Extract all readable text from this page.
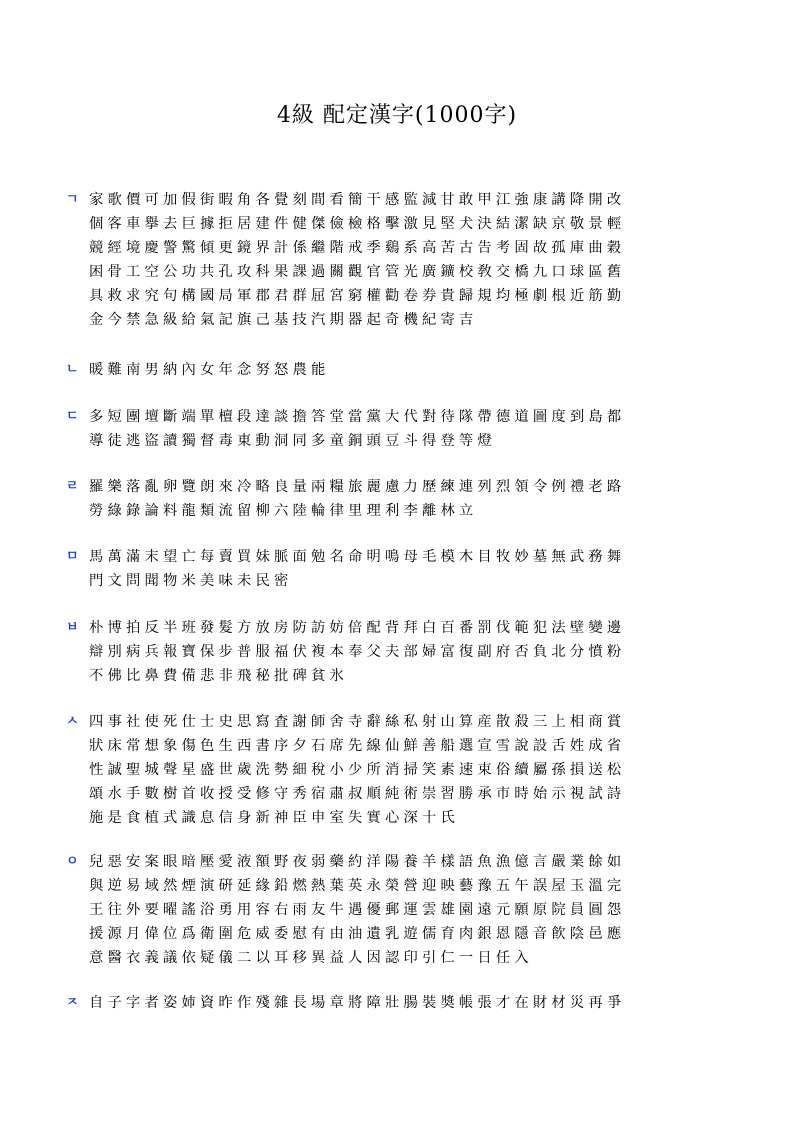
4級 配定漢字(1000字)
ㄱ 家歌價可加假街暇角各覺刻間看簡干感監減甘敢甲江強康講降開改
個客車擧去巨據拒居建件健傑儉檢格擊激見堅犬決結潔缺京敬景輕
競經境慶警驚傾更鏡界計係繼階戒季鷄系高苦古告考固故孤庫曲穀
困骨工空公功共孔攻科果課過關觀官管光廣鑛校敎交橋九口球區舊
具救求究句構國局軍郡君群屈宮窮權勸卷券貴歸規均極劇根近筋勤
金今禁急級給氣記旗己基技汽期器起奇機紀寄吉
ㄴ 暖難南男納內女年念努怒農能
ㄷ 多短團壇斷端單檀段達談擔答堂當黨大代對待隊帶德道圖度到島都
導徒逃盜讀獨督毒東動洞同多童銅頭豆斗得登等燈
ㄹ 羅樂落亂卵覽朗來冷略良量兩糧旅麗慮力歷練連列烈領令例禮老路
勞綠錄論料龍類流留柳六陸輪律里理利李離林立
ㅁ 馬萬滿末望亡每賣買妹脈面勉名命明鳴母毛模木目牧妙墓無武務舞
門文問聞物米美味未民密
ㅂ 朴博拍反半班發髮方放房防訪妨倍配背拜白百番罰伐範犯法壁變邊
辯別病兵報寶保步普服福伏複本奉父夫部婦富復副府否負北分憤粉
不佛比鼻費備悲非飛秘批碑貧氷
ㅅ 四事社使死仕士史思寫査謝師舍寺辭絲私射山算産散殺三上相商賞
狀床常想象傷色生西書序夕石席先線仙鮮善船選宣雪說設舌姓成省
性誠聖城聲星盛世歲洗勢細稅小少所消掃笑素速束俗續屬孫損送松
頌水手數樹首收授受修守秀宿肅叔順純術崇習勝承市時始示視試詩
施是食植式識息信身新神臣申室失實心深十氏
ㅇ 兒惡安案眼暗壓愛液額野夜弱藥約洋陽養羊樣語魚漁億言嚴業餘如
與逆易域然煙演硏延緣鉛燃熱葉英永榮營迎映藝豫五午誤屋玉溫完
王往外要曜謠浴勇用容右雨友牛遇優郵運雲雄園遠元願原院員圓怨
援源月偉位爲衛圍危威委慰有由油遺乳遊儒育肉銀恩隱音飮陰邑應
意醫衣義議依疑儀二以耳移異益人因認印引仁一日任入
ㅈ 自子字者姿姉資昨作殘雜長場章將障壯腸裝奬帳張才在財材災再爭
